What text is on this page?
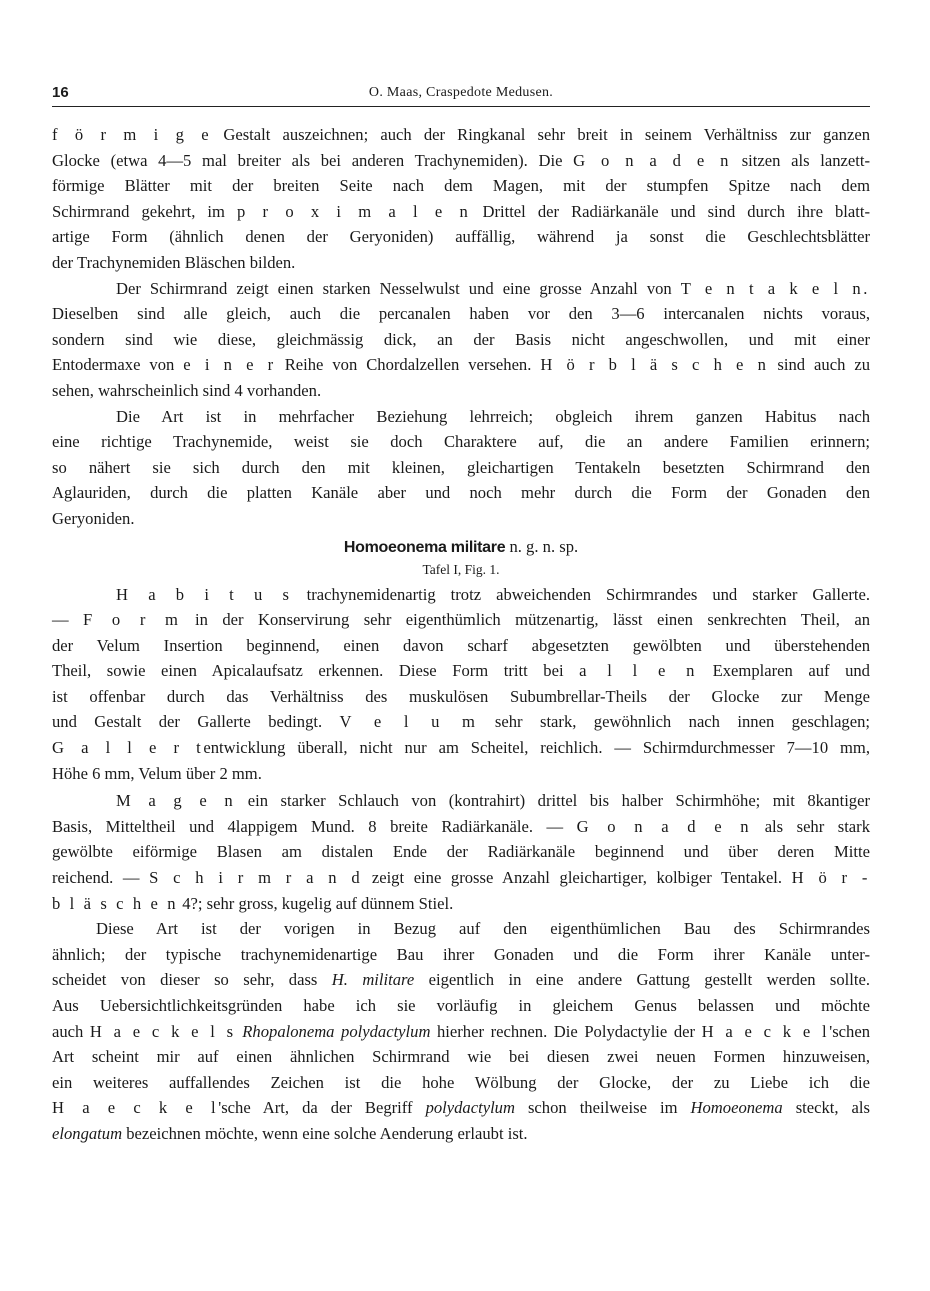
16	O. Maas, Craspedote Medusen.
f ö r m i g e Gestalt auszeichnen; auch der Ringkanal sehr breit in seinem Verhältniss zur ganzen
Glocke (etwa 4—5 mal breiter als bei anderen Trachynemiden). Die G o n a d e n sitzen als lanzett-
förmige Blätter mit der breiten Seite nach dem Magen, mit der stumpfen Spitze nach dem
Schirmrand gekehrt, im p r o x i m a l e n Drittel der Radiärkanäle und sind durch ihre blatt-
artige Form (ähnlich denen der Geryoniden) auffällig, während ja sonst die Geschlechtsblätter
der Trachynemiden Bläschen bilden.
Der Schirmrand zeigt einen starken Nesselwulst und eine grosse Anzahl von T e n t a k e l n.
Dieselben sind alle gleich, auch die percanalen haben vor den 3—6 intercanalen nichts voraus,
sondern sind wie diese, gleichmässig dick, an der Basis nicht angeschwollen, und mit einer
Entodermaxe von e i n e r Reihe von Chordalzellen versehen. H ö r b l ä s c h e n sind auch zu
sehen, wahrscheinlich sind 4 vorhanden.
Die Art ist in mehrfacher Beziehung lehrreich; obgleich ihrem ganzen Habitus nach
eine richtige Trachynemide, weist sie doch Charaktere auf, die an andere Familien erinnern;
so nähert sie sich durch den mit kleinen, gleichartigen Tentakeln besetzten Schirmrand den
Aglauriden, durch die platten Kanäle aber und noch mehr durch die Form der Gonaden den
Geryoniden.
Homoeonema militare n. g. n. sp.
Tafel I, Fig. 1.
H a b i t u s trachynemidenartig trotz abweichenden Schirmrandes und starker Gallerte.
— F o r m in der Konservirung sehr eigenthümlich mützenartig, lässt einen senkrechten Theil, an
der Velum Insertion beginnend, einen davon scharf abgesetzten gewölbten und überstehenden
Theil, sowie einen Apicalaufsatz erkennen. Diese Form tritt bei a l l e n Exemplaren auf und
ist offenbar durch das Verhältniss des muskulösen Subumbrellar-Theils der Glocke zur Menge
und Gestalt der Gallerte bedingt. V e l u m sehr stark, gewöhnlich nach innen geschlagen;
G a l l e r tentwicklung überall, nicht nur am Scheitel, reichlich. — Schirmdurchmesser 7—10 mm,
Höhe 6 mm, Velum über 2 mm.
M a g e n ein starker Schlauch von (kontrahirt) drittel bis halber Schirmhöhe; mit 8kantiger
Basis, Mitteltheil und 4lappigem Mund. 8 breite Radiärkanäle. — G o n a d e n als sehr stark
gewölbte eiförmige Blasen am distalen Ende der Radiärkanäle beginnend und über deren Mitte
reichend. — S c h i r m r a n d zeigt eine grosse Anzahl gleichartiger, kolbiger Tentakel. H ö r -
b l ä s c h e n 4?; sehr gross, kugelig auf dünnem Stiel.
Diese Art ist der vorigen in Bezug auf den eigenthümlichen Bau des Schirmrandes
ähnlich; der typische trachynemidenartige Bau ihrer Gonaden und die Form ihrer Kanäle unter-
scheidet von dieser so sehr, dass H. militare eigentlich in eine andere Gattung gestellt werden sollte.
Aus Uebersichtlichkeitsgründen habe ich sie vorläufig in gleichem Genus belassen und möchte
auch H a e c k e l s Rhopalonema polydactylum hierher rechnen. Die Polydactylie der H a e c k e l'schen
Art scheint mir auf einen ähnlichen Schirmrand wie bei diesen zwei neuen Formen hinzuweisen,
ein weiteres auffallendes Zeichen ist die hohe Wölbung der Glocke, der zu Liebe ich die
H a e c k e l'sche Art, da der Begriff polydactylum schon theilweise im Homoeonema steckt, als
elongatum bezeichnen möchte, wenn eine solche Aenderung erlaubt ist.
